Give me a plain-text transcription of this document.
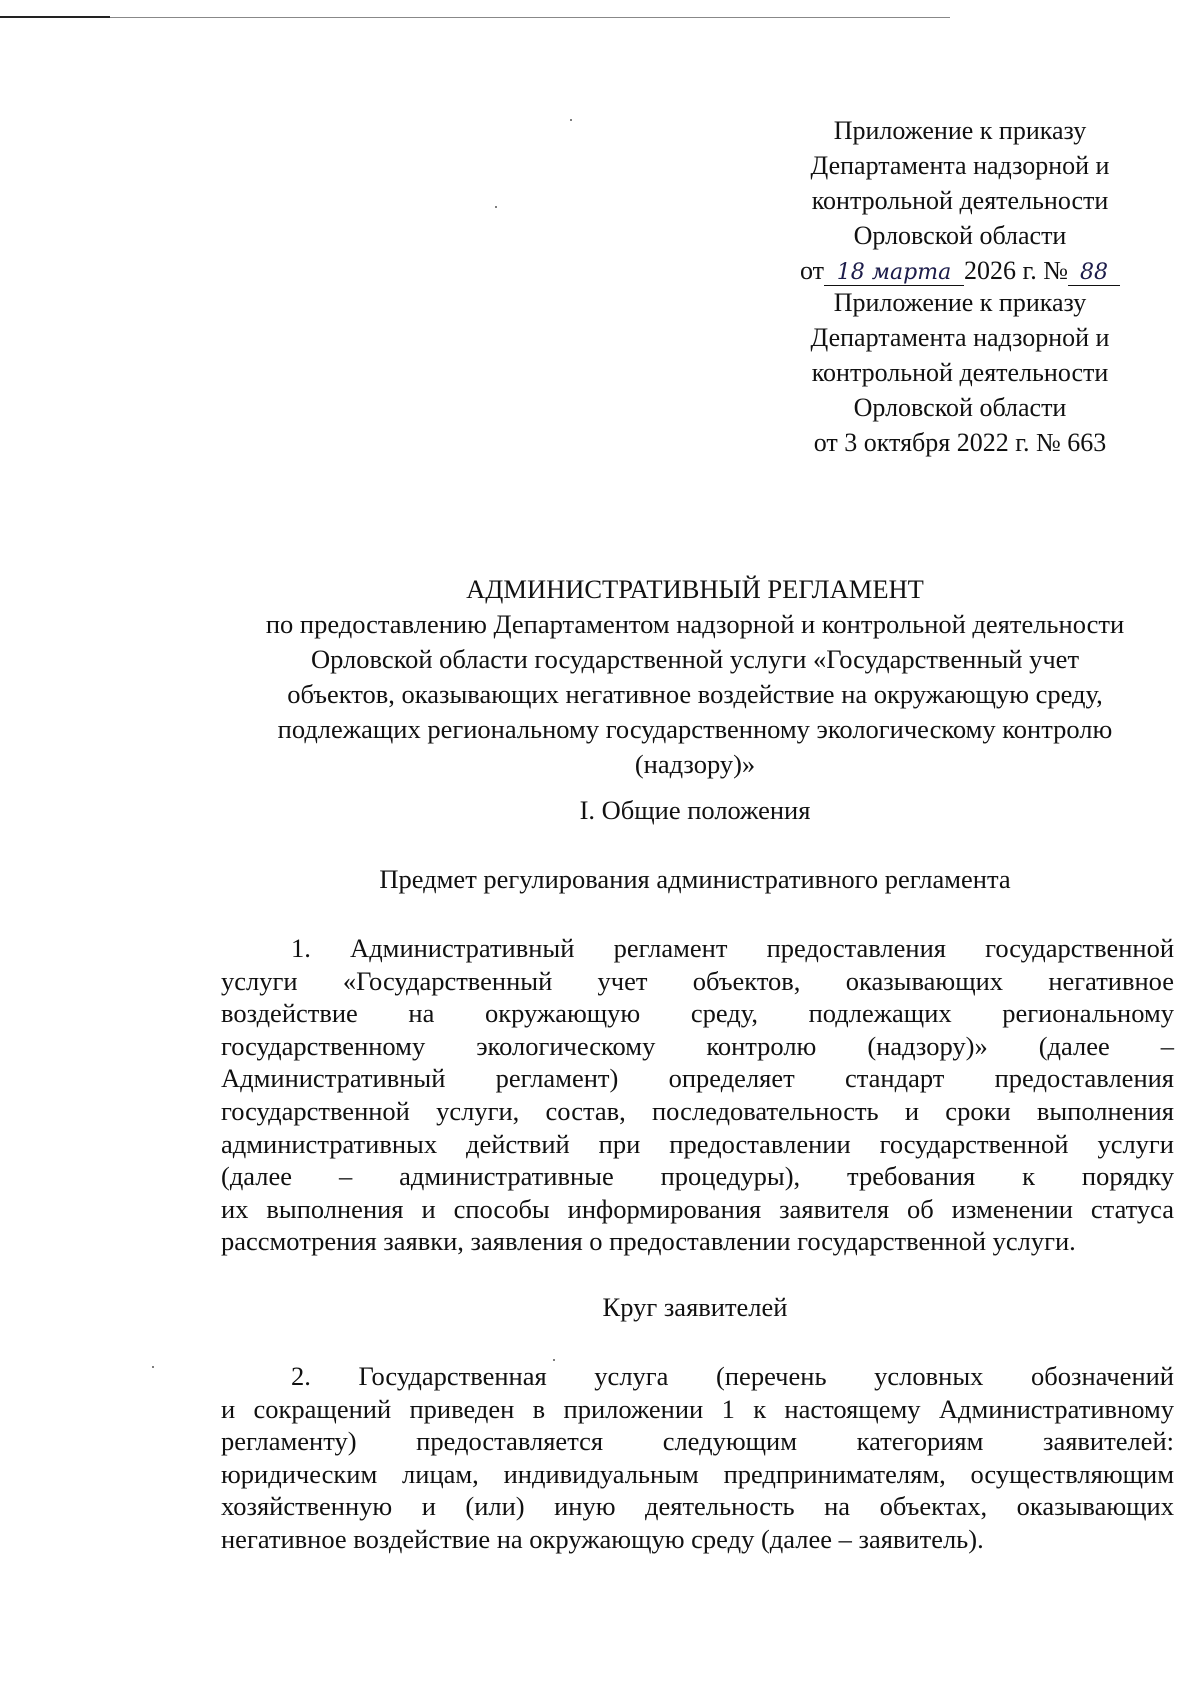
Приложение к приказу
Департамента надзорной и
контрольной деятельности
Орловской области
от 18 марта 2026 г. № 88
Приложение к приказу
Департамента надзорной и
контрольной деятельности
Орловской области
от 3 октября 2022 г. № 663
АДМИНИСТРАТИВНЫЙ РЕГЛАМЕНТ
по предоставлению Департаментом надзорной и контрольной деятельности
Орловской области государственной услуги «Государственный учет
объектов, оказывающих негативное воздействие на окружающую среду,
подлежащих региональному государственному экологическому контролю
(надзору)»
I. Общие положения
Предмет регулирования административного регламента
1. Административный регламент предоставления государственной
услуги «Государственный учет объектов, оказывающих негативное
воздействие на окружающую среду, подлежащих региональному
государственному экологическому контролю (надзору)» (далее –
Административный регламент) определяет стандарт предоставления
государственной услуги, состав, последовательность и сроки выполнения
административных действий при предоставлении государственной услуги
(далее – административные процедуры), требования к порядку
их выполнения и способы информирования заявителя об изменении статуса
рассмотрения заявки, заявления о предоставлении государственной услуги.
Круг заявителей
2. Государственная услуга (перечень условных обозначений
и сокращений приведен в приложении 1 к настоящему Административному
регламенту) предоставляется следующим категориям заявителей:
юридическим лицам, индивидуальным предпринимателям, осуществляющим
хозяйственную и (или) иную деятельность на объектах, оказывающих
негативное воздействие на окружающую среду (далее – заявитель).
